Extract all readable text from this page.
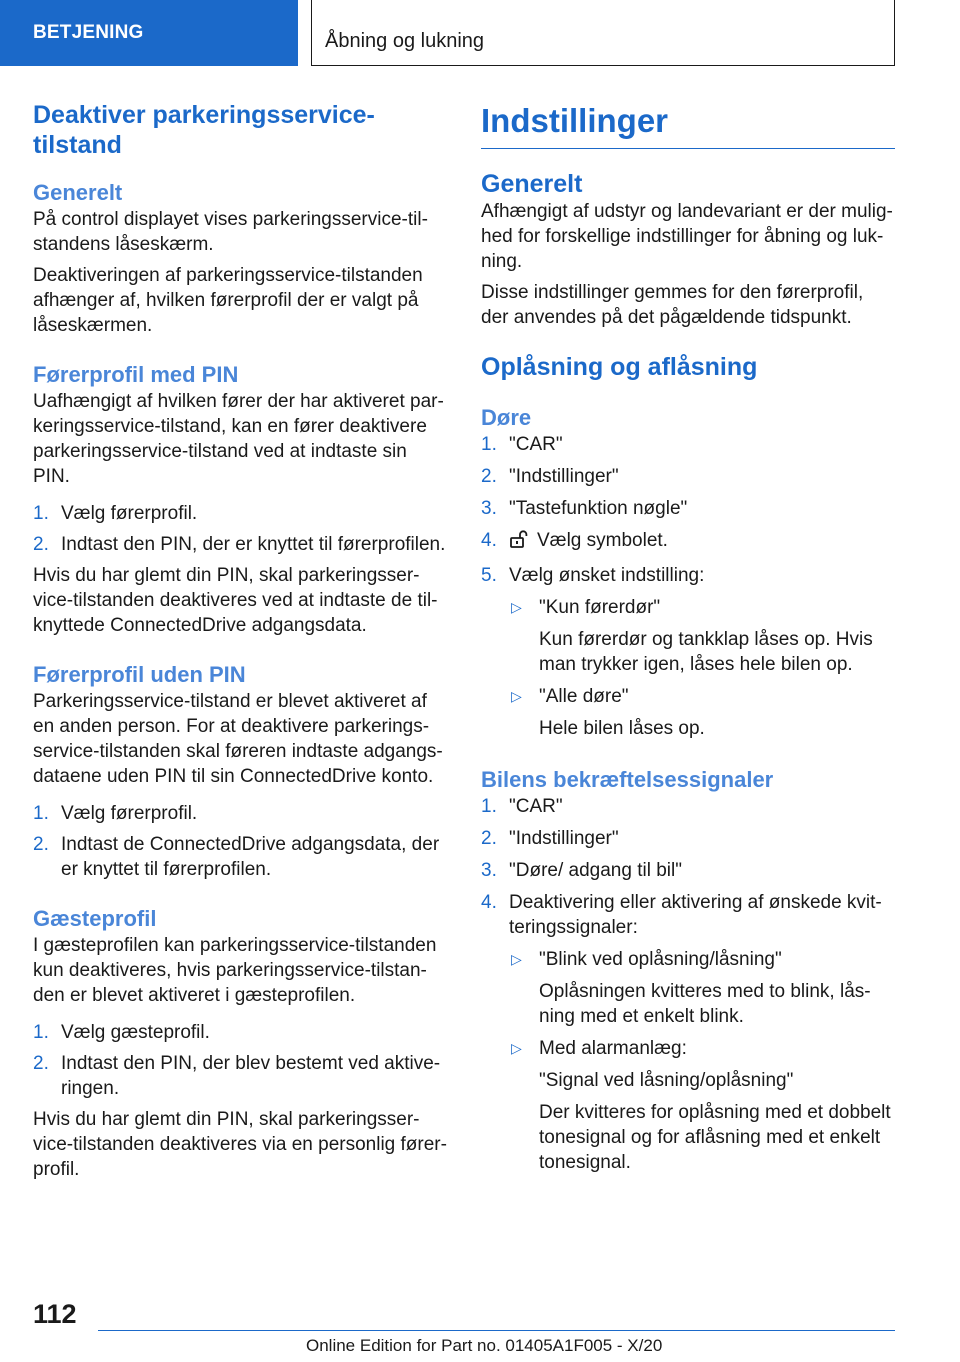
BETJENING	Åbning og lukning
Deaktiver parkeringsservice-tilstand
Generelt

På control displayet vises parkeringsservice-til-standens låseskærm.

Deaktiveringen af parkeringsservice-tilstanden afhænger af, hvilken førerprofil der er valgt på låseskærmen.

Førerprofil med PIN

Uafhængigt af hvilken fører der har aktiveret par-keringsservice-tilstand, kan en fører deaktivere parkeringsservice-tilstand ved at indtaste sin PIN.

1. Vælg førerprofil.
2. Indtast den PIN, der er knyttet til førerprofilen.

Hvis du har glemt din PIN, skal parkeringsser-vice-tilstanden deaktiveres ved at indtaste de til-knyttede ConnectedDrive adgangsdata.

Førerprofil uden PIN

Parkeringsservice-tilstand er blevet aktiveret af en anden person. For at deaktivere parkerings-service-tilstanden skal føreren indtaste adgangs-dataene uden PIN til sin ConnectedDrive konto.

1. Vælg førerprofil.
2. Indtast de ConnectedDrive adgangsdata, der er knyttet til førerprofilen.
Gæsteprofil

I gæsteprofilen kan parkeringsservice-tilstanden kun deaktiveres, hvis parkeringsservice-tilstan-den er blevet aktiveret i gæsteprofilen.

1. Vælg gæsteprofil.
2. Indtast den PIN, der blev bestemt ved aktive-ringen.

Hvis du har glemt din PIN, skal parkeringsser-vice-tilstanden deaktiveres via en personlig fører-profil.

Indstillinger
Generelt

Afhængigt af udstyr og landevariant er der mulig-hed for forskellige indstillinger for åbning og luk-ning.

Disse indstillinger gemmes for den førerprofil, der anvendes på det pågældende tidspunkt.

Oplåsning og aflåsning
Døre
1. "CAR"
2. "Indstillinger"
3. "Tastefunktion nøgle"
4. Vælg symbolet.
5. Vælg ønsket indstilling:
▷ "Kun førerdør"
Kun førerdør og tankklap låses op. Hvis man trykker igen, låses hele bilen op.
▷ "Alle døre"
Hele bilen låses op.
Bilens bekræftelsessignaler
1. "CAR"
2. "Indstillinger"
3. "Døre/ adgang til bil"
4. Deaktivering eller aktivering af ønskede kvit-teringssignaler:
▷ "Blink ved oplåsning/låsning"
Oplåsningen kvitteres med to blink, lås-ning med et enkelt blink.
▷ Med alarmanlæg:
"Signal ved låsning/oplåsning"
Der kvitteres for oplåsning med et dobbelt tonesignal og for aflåsning med et enkelt tonesignal.
112
Online Edition for Part no. 01405A1F005 - X/20
